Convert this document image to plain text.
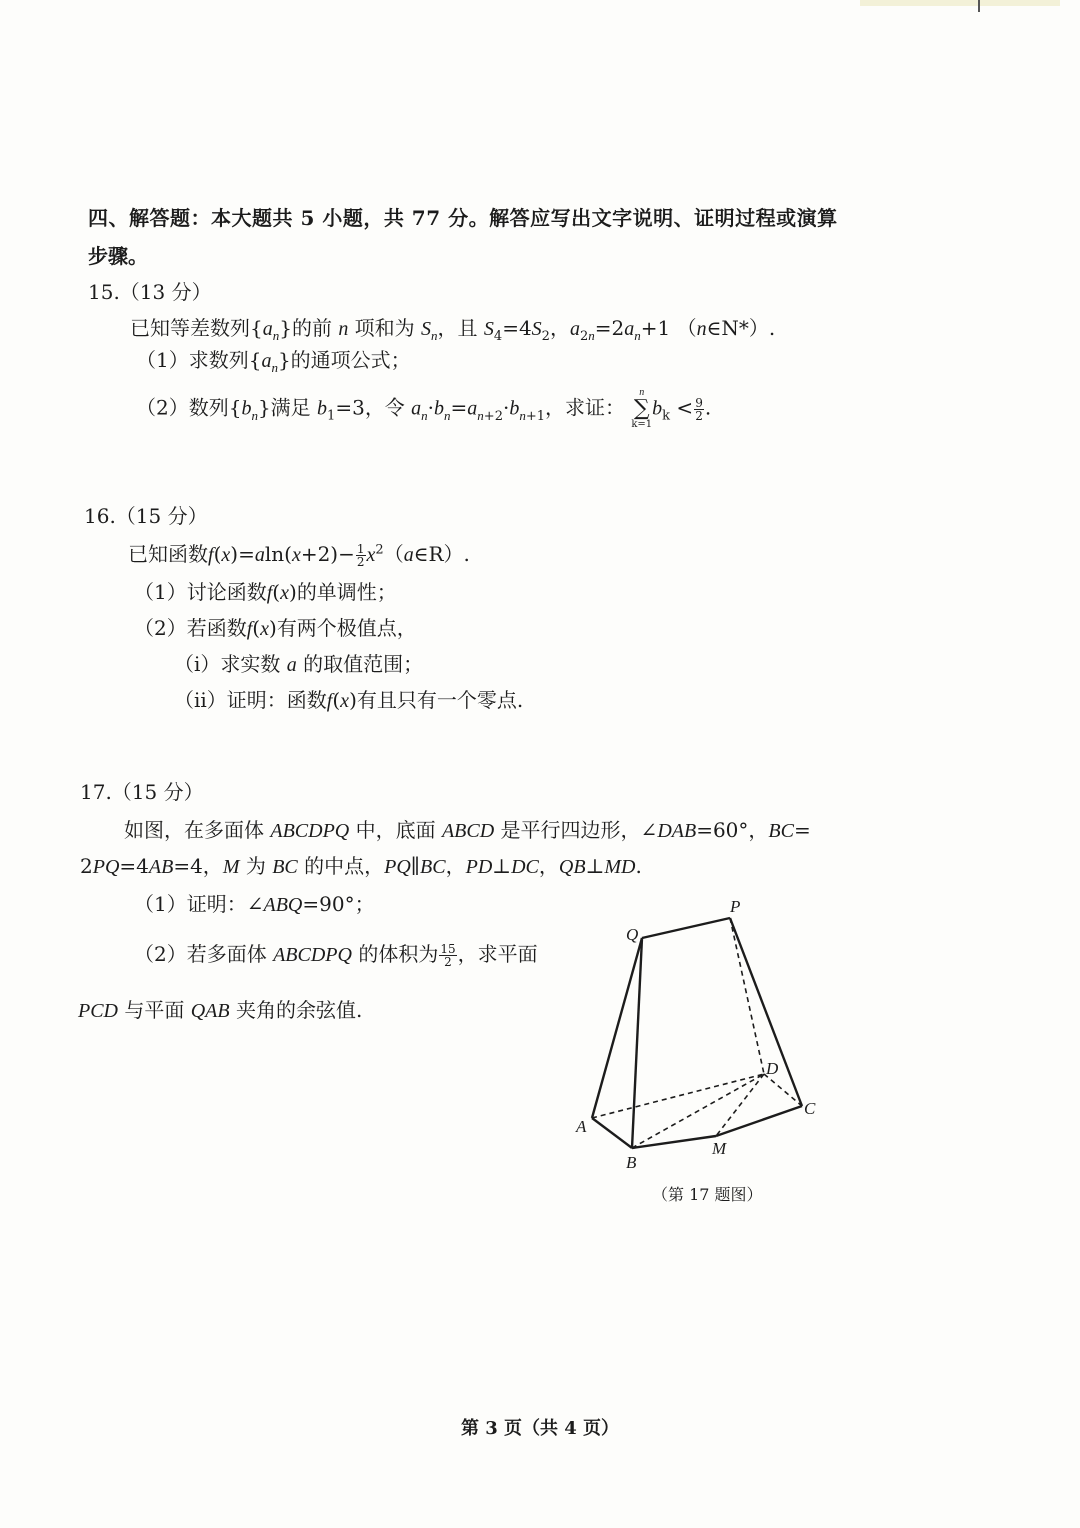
四、解答题：本大题共 5 小题，共 77 分。解答应写出文字说明、证明过程或演算
步骤。
15.（13 分）
已知等差数列$\{a_n\}$的前 n 项和为 $S_n$，且 $S_4=4S_2$，$a_{2n}=2a_n+1$ （n∈N*）.
（1）求数列$\{a_n\}$的通项公式；
（2）数列$\{b_n\}$满足 $b_1=3$，令 $a_n\cdot b_n=a_{n+2}\cdot b_{n+1}$，求证：
n
∑
k=1
$b_k < \frac{9}{2}$ .
16.（15 分）
已知函数$f(x)=aln(x+2)- \frac{1}{2}$ $x^2(a\in R)$.
（1）讨论函数f(x)的单调性；
（2）若函数f(x)有两个极值点，
（i）求实数 a 的取值范围；
（ii）证明：函数f(x)有且只有一个零点.
17.（15 分）
如图，在多面体 ABCDPQ 中，底面 ABCD 是平行四边形，∠DAB=60°，BC=
2PQ=4AB=4，M 为 BC 的中点，PQ∥BC，PD⊥DC，QB⊥MD.
（1）证明：∠ABQ=90°；
（2）若多面体 ABCDPQ 的体积为 $\frac{15}{2}$ ，求平面
PCD 与平面 QAB 夹角的余弦值.
Q
P
D
C
A
B
M
（第 17 题图）
第 3 页（共 4 页）
